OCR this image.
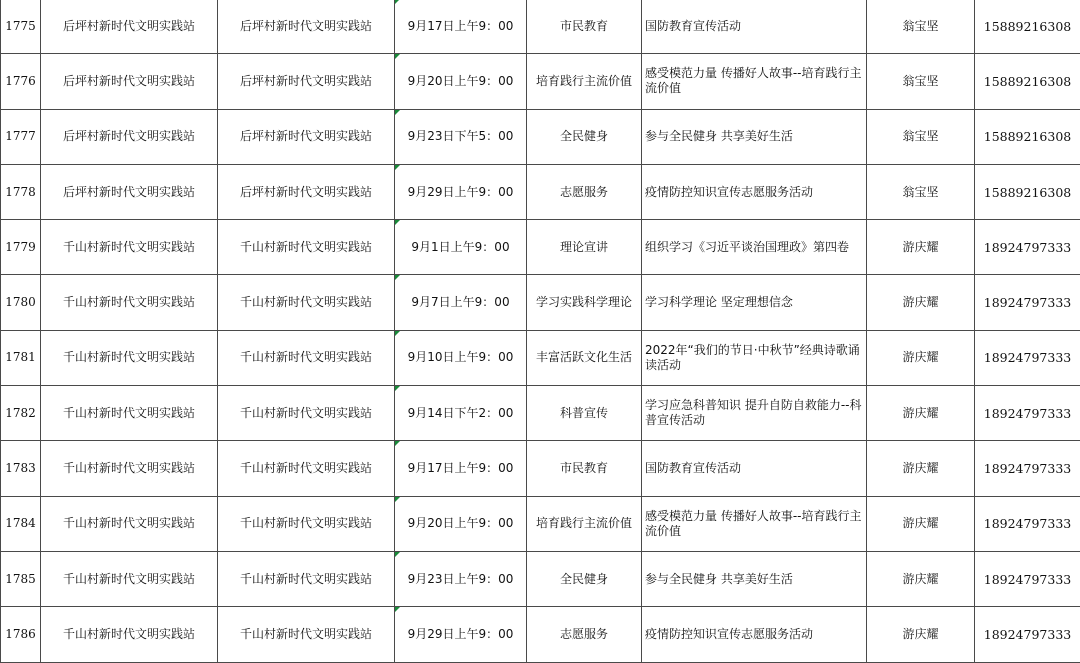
1775	后坪村新时代文明实践站	后坪村新时代文明实践站	9月17日上午9：00	市民教育	国防教育宣传活动	翁宝坚	15889216308
1776	后坪村新时代文明实践站	后坪村新时代文明实践站	9月20日上午9：00	培育践行主流价值	感受模范力量 传播好人故事--培育践行主流价值	翁宝坚	15889216308
1777	后坪村新时代文明实践站	后坪村新时代文明实践站	9月23日下午5：00	全民健身	参与全民健身 共享美好生活	翁宝坚	15889216308
1778	后坪村新时代文明实践站	后坪村新时代文明实践站	9月29日上午9：00	志愿服务	疫情防控知识宣传志愿服务活动	翁宝坚	15889216308
1779	千山村新时代文明实践站	千山村新时代文明实践站	9月1日上午9：00	理论宣讲	组织学习《习近平谈治国理政》第四卷	游庆耀	18924797333
1780	千山村新时代文明实践站	千山村新时代文明实践站	9月7日上午9：00	学习实践科学理论	学习科学理论 坚定理想信念	游庆耀	18924797333
1781	千山村新时代文明实践站	千山村新时代文明实践站	9月10日上午9：00	丰富活跃文化生活	2022年“我们的节日·中秋节”经典诗歌诵读活动	游庆耀	18924797333
1782	千山村新时代文明实践站	千山村新时代文明实践站	9月14日下午2：00	科普宣传	学习应急科普知识 提升自防自救能力--科普宣传活动	游庆耀	18924797333
1783	千山村新时代文明实践站	千山村新时代文明实践站	9月17日上午9：00	市民教育	国防教育宣传活动	游庆耀	18924797333
1784	千山村新时代文明实践站	千山村新时代文明实践站	9月20日上午9：00	培育践行主流价值	感受模范力量 传播好人故事--培育践行主流价值	游庆耀	18924797333
1785	千山村新时代文明实践站	千山村新时代文明实践站	9月23日上午9：00	全民健身	参与全民健身 共享美好生活	游庆耀	18924797333
1786	千山村新时代文明实践站	千山村新时代文明实践站	9月29日上午9：00	志愿服务	疫情防控知识宣传志愿服务活动	游庆耀	18924797333
